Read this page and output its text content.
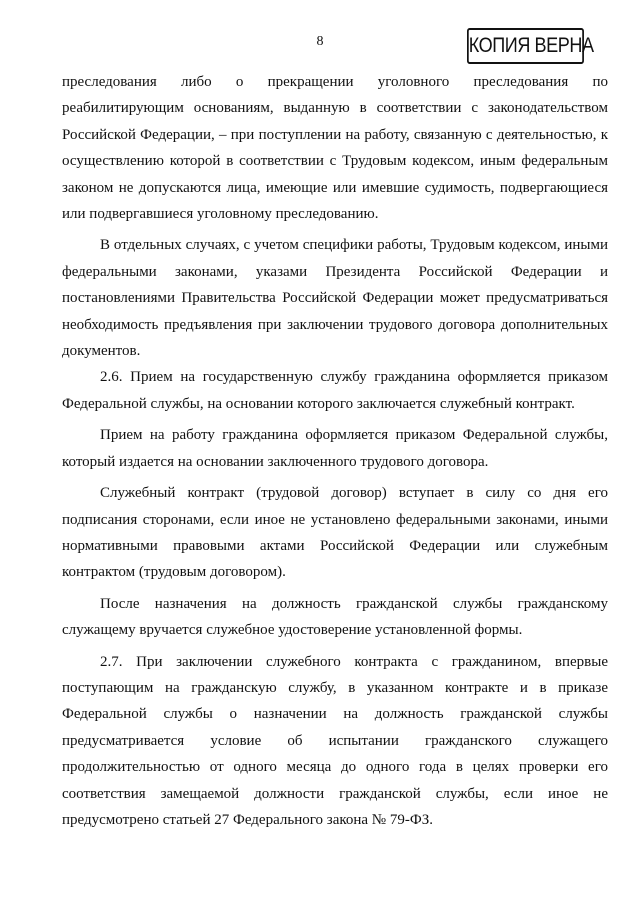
8	КОПИЯ ВЕРНА

преследования либо о прекращении уголовного преследования по реабилитирующим основаниям, выданную в соответствии с законодательством Российской Федерации, – при поступлении на работу, связанную с деятельностью, к осуществлению которой в соответствии с Трудовым кодексом, иным федеральным законом не допускаются лица, имеющие или имевшие судимость, подвергающиеся или подвергавшиеся уголовному преследованию.

В отдельных случаях, с учетом специфики работы, Трудовым кодексом, иными федеральными законами, указами Президента Российской Федерации и постановлениями Правительства Российской Федерации может предусматриваться необходимость предъявления при заключении трудового договора дополнительных документов.

2.6. Прием на государственную службу гражданина оформляется приказом Федеральной службы, на основании которого заключается служебный контракт.

Прием на работу гражданина оформляется приказом Федеральной службы, который издается на основании заключенного трудового договора.

Служебный контракт (трудовой договор) вступает в силу со дня его подписания сторонами, если иное не установлено федеральными законами, иными нормативными правовыми актами Российской Федерации или служебным контрактом (трудовым договором).

После назначения на должность гражданской службы гражданскому служащему вручается служебное удостоверение установленной формы.

2.7. При заключении служебного контракта с гражданином, впервые поступающим на гражданскую службу, в указанном контракте и в приказе Федеральной службы о назначении на должность гражданской службы предусматривается условие об испытании гражданского служащего продолжительностью от одного месяца до одного года в целях проверки его соответствия замещаемой должности гражданской службы, если иное не предусмотрено статьей 27 Федерального закона № 79-ФЗ.
